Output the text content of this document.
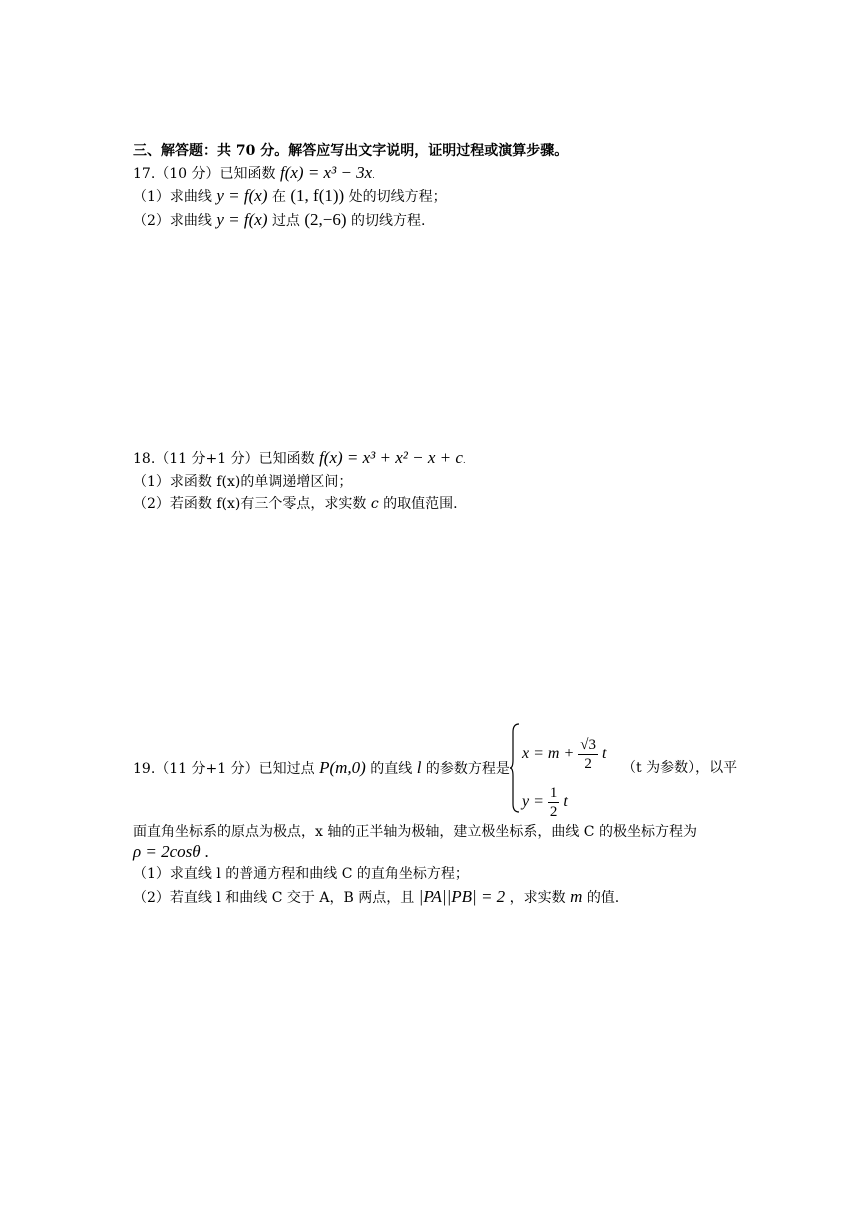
三、解答题：共 70 分。解答应写出文字说明，证明过程或演算步骤。
17.（10 分）已知函数 f(x) = x³ − 3x.
（1）求曲线 y = f(x) 在 (1, f(1)) 处的切线方程；
（2）求曲线 y = f(x) 过点 (2,−6) 的切线方程.
18.（11 分+1 分）已知函数 f(x) = x³ + x² − x + c.
（1）求函数 f(x)的单调递增区间；
（2）若函数 f(x)有三个零点，求实数 c 的取值范围.
19.（11 分+1 分）已知过点 P(m,0) 的直线 l 的参数方程是
$x = m + \frac{√3}{2}$ t
$y = \frac{1}{2}$ t
（t 为参数），以平
面直角坐标系的原点为极点，x 轴的正半轴为极轴，建立极坐标系，曲线 C 的极坐标方程为
ρ = 2cosθ .
（1）求直线 l 的普通方程和曲线 C 的直角坐标方程；
（2）若直线 l 和曲线 C 交于 A，B 两点，且 |PA||PB| = 2 ，求实数 m 的值.
